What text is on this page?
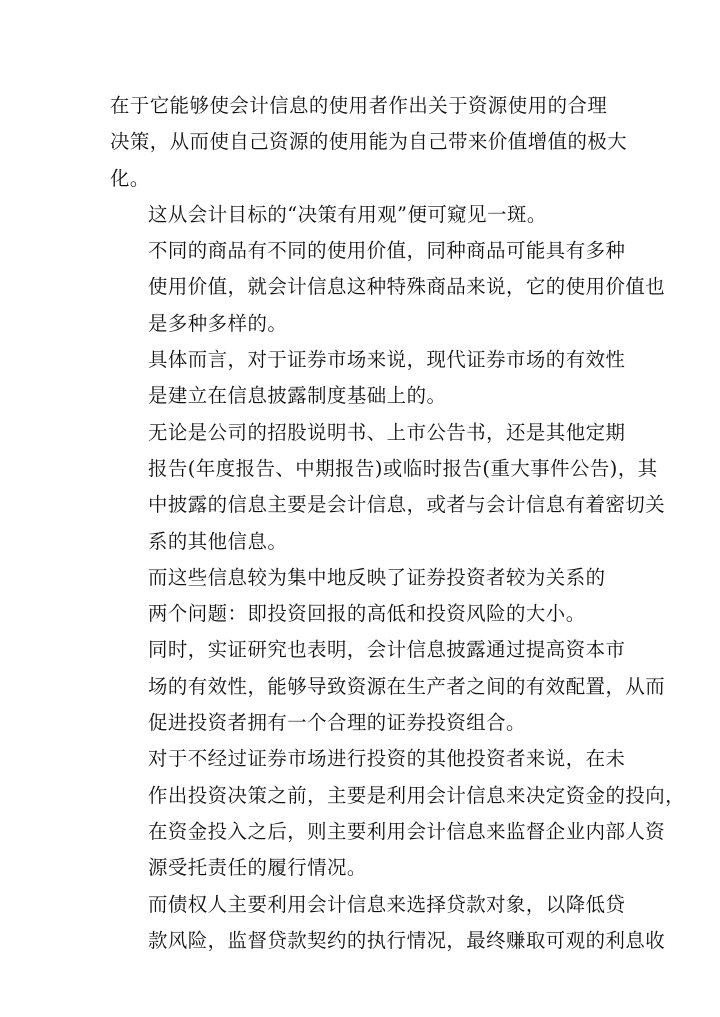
在于它能够使会计信息的使用者作出关于资源使用的合理
决策，从而使自己资源的使用能为自己带来价值增值的极大
化。

这从会计目标的“决策有用观”便可窥见一斑。

不同的商品有不同的使用价值，同种商品可能具有多种
使用价值，就会计信息这种特殊商品来说，它的使用价值也
是多种多样的。

具体而言，对于证券市场来说，现代证券市场的有效性
是建立在信息披露制度基础上的。

无论是公司的招股说明书、上市公告书，还是其他定期
报告(年度报告、中期报告)或临时报告(重大事件公告)，其
中披露的信息主要是会计信息，或者与会计信息有着密切关
系的其他信息。

而这些信息较为集中地反映了证券投资者较为关系的
两个问题：即投资回报的高低和投资风险的大小。

同时，实证研究也表明，会计信息披露通过提高资本市
场的有效性，能够导致资源在生产者之间的有效配置，从而
促进投资者拥有一个合理的证券投资组合。

对于不经过证券市场进行投资的其他投资者来说，在未
作出投资决策之前，主要是利用会计信息来决定资金的投向，
在资金投入之后，则主要利用会计信息来监督企业内部人资
源受托责任的履行情况。

而债权人主要利用会计信息来选择贷款对象，以降低贷
款风险，监督贷款契约的执行情况，最终赚取可观的利息收
